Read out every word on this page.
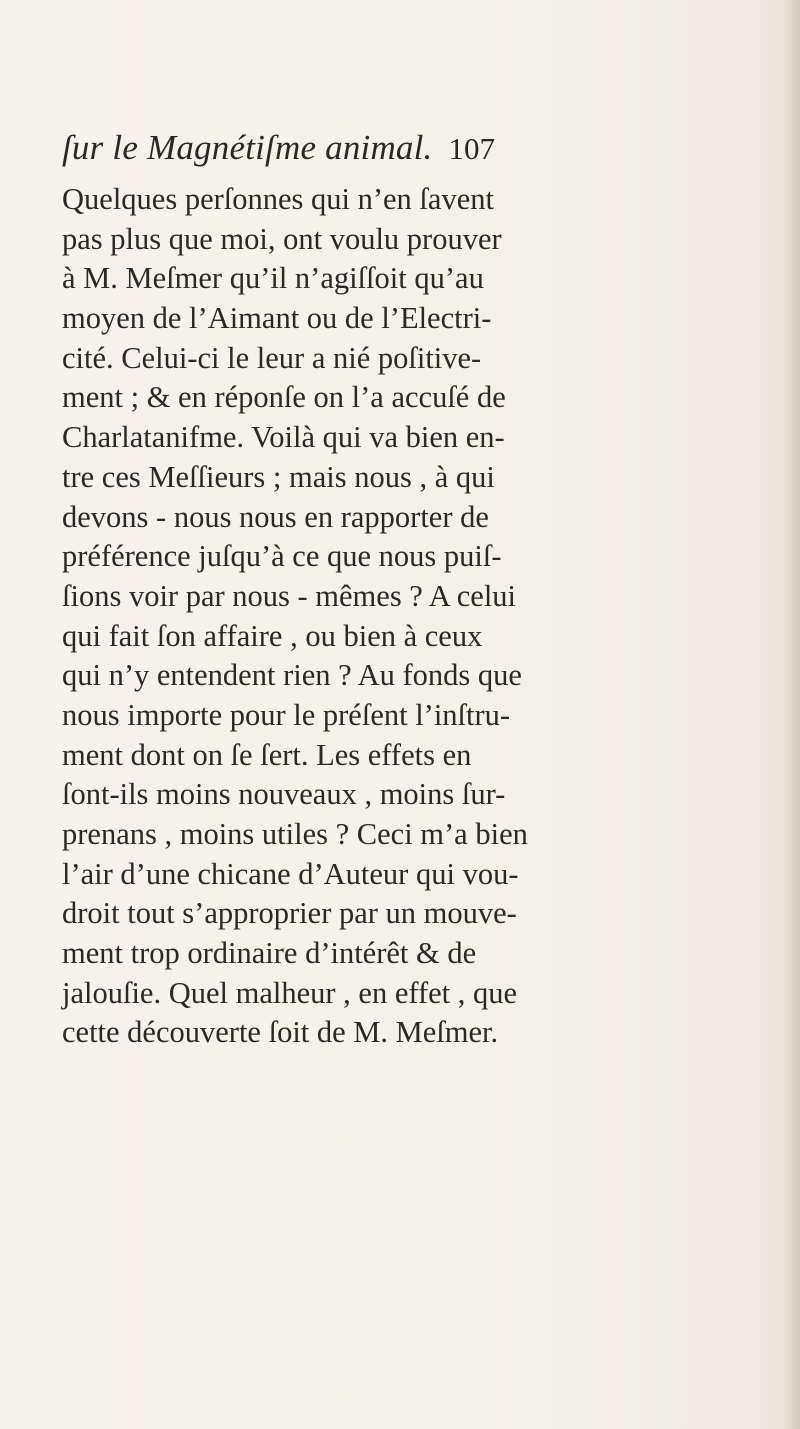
ſur le Magnétiſme animal. 107
Quelques perſonnes qui n’en ſavent
pas plus que moi, ont voulu prouver
à M. Meſmer qu’il n’agiſſoit qu’au
moyen de l’Aimant ou de l’Electri-
cité. Celui-ci le leur a nié poſitive-
ment ; & en réponſe on l’a accuſé de
Charlatanifme. Voilà qui va bien en-
tre ces Meſſieurs ; mais nous , à qui
devons - nous nous en rapporter de
préférence juſqu’à ce que nous puiſ-
ſions voir par nous - mêmes ? A celui
qui fait ſon affaire , ou bien à ceux
qui n’y entendent rien ? Au fonds que
nous importe pour le préſent l’inſtru-
ment dont on ſe ſert. Les effets en
ſont-ils moins nouveaux , moins ſur-
prenans , moins utiles ? Ceci m’a bien
l’air d’une chicane d’Auteur qui vou-
droit tout s’approprier par un mouve-
ment trop ordinaire d’intérêt & de
jalouſie. Quel malheur , en effet , que
cette découverte ſoit de M. Meſmer.
